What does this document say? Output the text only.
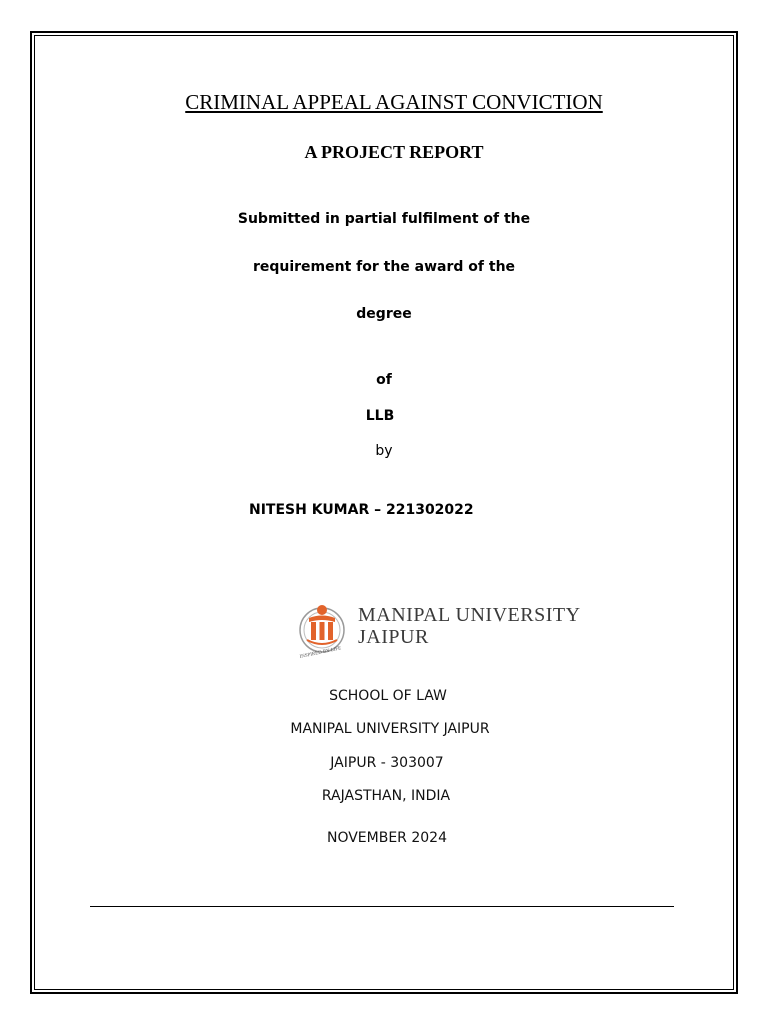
CRIMINAL APPEAL AGAINST CONVICTION
A PROJECT REPORT
Submitted in partial fulfilment of the
requirement for the award of the
degree
of
LLB
by
NITESH KUMAR – 221302022
INSPIRED BY LIFE
MANIPAL UNIVERSITY
JAIPUR
SCHOOL OF LAW
MANIPAL UNIVERSITY JAIPUR
JAIPUR - 303007
RAJASTHAN, INDIA
NOVEMBER 2024
